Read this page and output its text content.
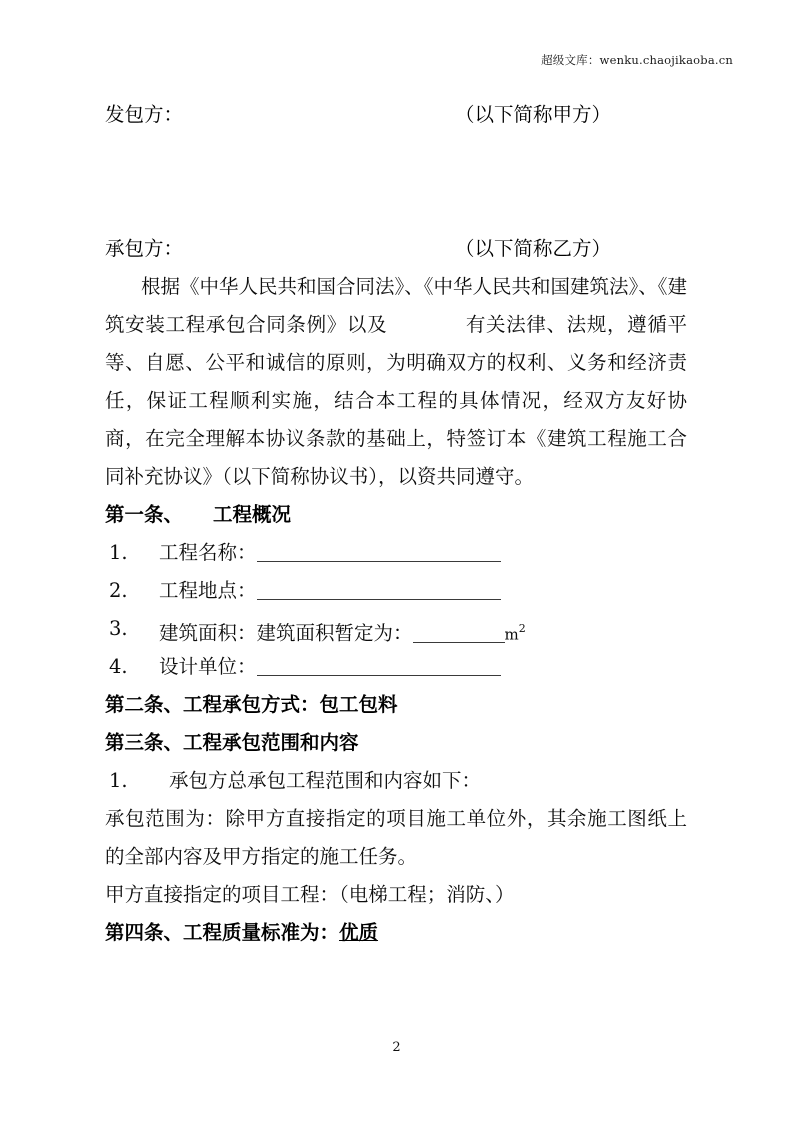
超级文库：wenku.chaojikaoba.cn
发包方：	（以下简称甲方）
承包方：	（以下简称乙方）

根据《中华人民共和国合同法》、《中华人民共和国建筑法》、《建筑安装工程承包合同条例》以及	有关法律、法规，遵循平等、自愿、公平和诚信的原则，为明确双方的权利、义务和经济责任，保证工程顺利实施，结合本工程的具体情况，经双方友好协商，在完全理解本协议条款的基础上，特签订本《建筑工程施工合同补充协议》（以下简称协议书），以资共同遵守。

第一条、 工程概况
1. 工程名称：
2. 工程地点：
3. 建筑面积：建筑面积暂定为：	$m^2$
4. 设计单位：
第二条、工程承包方式：包工包料
第三条、工程承包范围和内容
1. 承包方总承包工程范围和内容如下：

承包范围为：除甲方直接指定的项目施工单位外，其余施工图纸上的全部内容及甲方指定的施工任务。

甲方直接指定的项目工程：（电梯工程；消防、）

第四条、工程质量标准为：优质
2
